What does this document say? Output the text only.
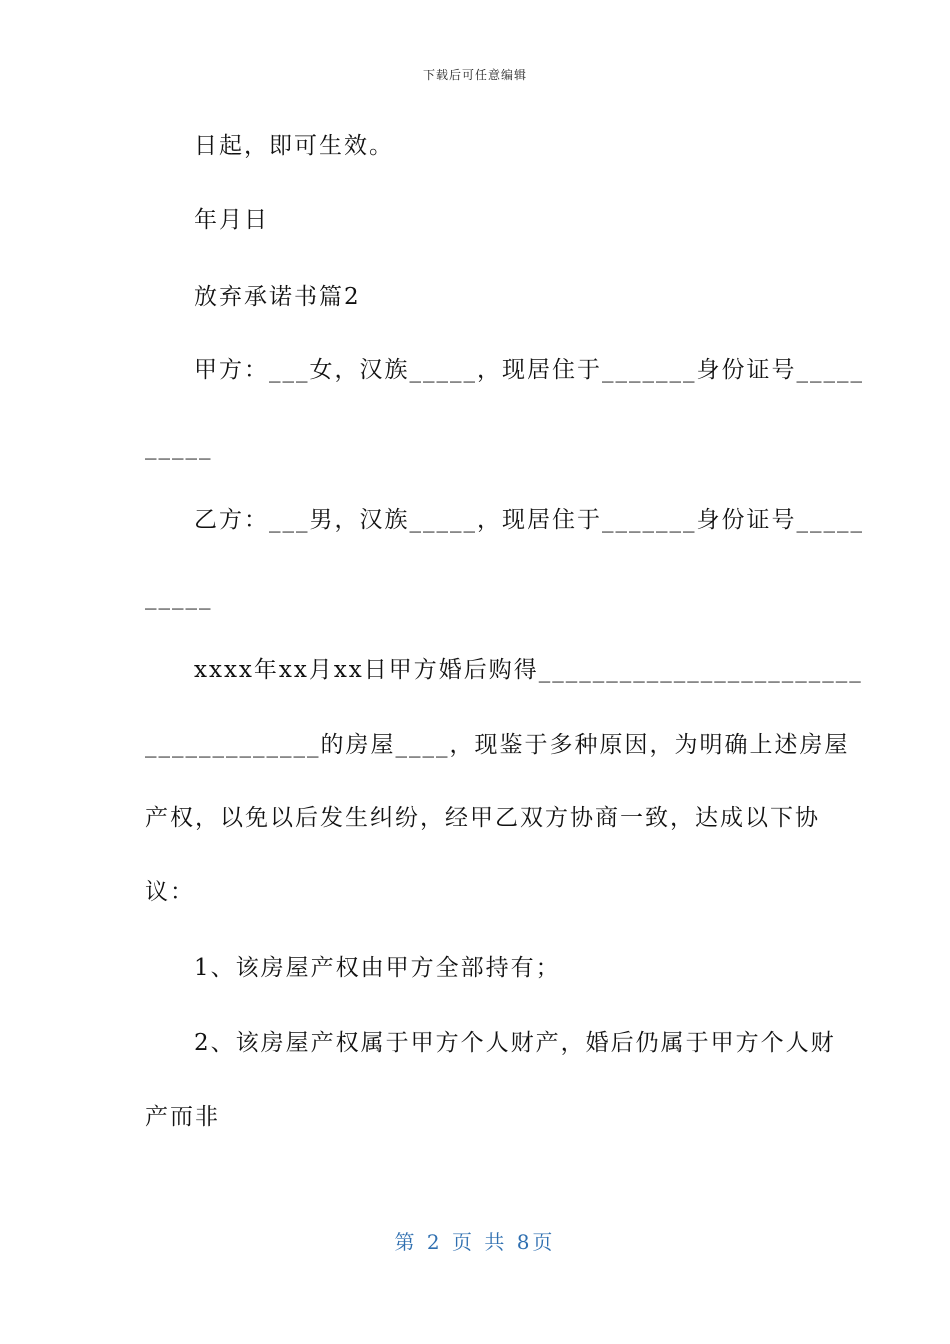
下载后可任意编辑
日起，即可生效。
年月日
放弃承诺书篇2
甲方：___女，汉族_____，现居住于_______身份证号_____
_____
乙方：___男，汉族_____，现居住于_______身份证号_____
_____
xxxx年xx月xx日甲方婚后购得________________________
_____________的房屋____，现鉴于多种原因，为明确上述房屋
产权，以免以后发生纠纷，经甲乙双方协商一致，达成以下协
议：
1、该房屋产权由甲方全部持有；
2、该房屋产权属于甲方个人财产，婚后仍属于甲方个人财
产而非
第 2 页 共 8页
